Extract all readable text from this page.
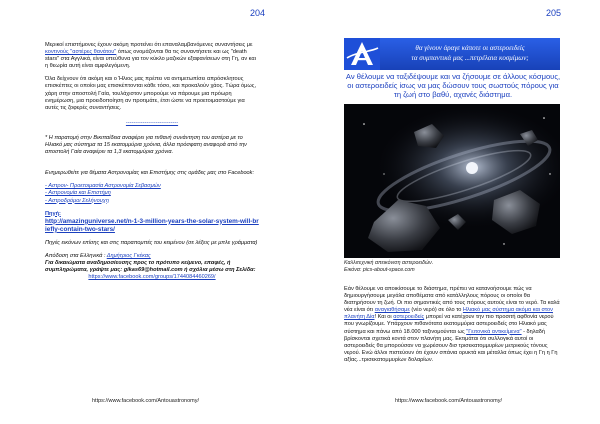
204

Μερικοί επιστήμονες έχουν ακόμη προτείνει ότι επαναλαμβανόμενες συναντήσεις με κοντινούς "αστέρες θανάτου" όπως ονομάζονται θα τις συναντήσετε και ως "death stars" στα Αγγλικά, είναι υπεύθυνα για τον κύκλο μαζικών εξαφανίσεων στη Γη, αν και η θεωρία αυτή είναι αμφιλεγόμενη.

Όλα δείχνουν ότι ακόμη και ο Ήλιος μας πρέπει να αντιμετωπίσει απρόσκλητους επισκέπτες οι οποίοι μας επισκέπτονται κάθε τόσο, και προκαλούν χάος. Τώρα όμως, χάρη στην αποστολή Γαία, τουλάχιστον μπορούμε να πάρουμε μια πρόωρη ενημέρωση, μια προειδοποίηση αν προτιμάτε, έτσι ώστε να προετοιμαστούμε για αυτές τις ζοφερές συναντήσεις.

----------------------------

* Η παρατομή στην Βικιπαίδεια αναφέρει για πιθανή συνάντηση του αστέρα με το Ηλιακό μας σύστημα τα 15 εκατομμύρια χρόνια, άλλα πρόσφατη αναφορά από την αποστολή Γαία αναφέρει τα 1,3 εκατομμύρια χρόνια.

Ενημερωθείτε για θέματα Αστρονομίας και Επιστήμης στις ομάδες μας στο Facebook:

- Αστρον- Προετοιμασία Αστρονομία Σεβασμών
- Αστρονομία και Επιστήμη
- Αστροδρόμοι Σελήνουχη
Πηγή:
http://amazinguniverse.net/n-1-3-million-years-the-solar-system-will-briefly-contain-two-stars/

Πηγές εικόνων επίσης και στις παραπομπές του κειμένου (σε λέξεις με μπλε γράμματα)

Απόδοση στα Ελληνικά : Δημήτριος Γκέκας
Για δικαιώματα αναδημοσίευσης προς το πρότυπο κείμενο, επαφές, ή συμπληρώματα, γράψτε μας: gikas69@hotmail.com ή σχόλια μέσω στη Σελίδα:
https://www.facebook.com/groups/1744084460269/
https://www.facebook.com/Antouastronomy/
205
θα γίνουν άραγε κάποτε οι αστεροειδείς
τα συμπαντικά μας ...πετρέλαια κοσμίμων;
Αν θέλουμε να ταξιδέψουμε και να ζήσουμε σε άλλους κόσμους, οι αστεροειδείς ίσως να μας δώσουν τους σωστούς πόρους για τη ζωή στο βαθύ, αχανές διάστημα.
Καλλιτεχνική απεικόνιση αστεροειδών.
Εικόνα: pics-about-space.com
Εάν θέλουμε να αποικίσουμε το διάστημα, πρέπει να κατανοήσουμε πώς να δημιουργήσουμε μεγάλα αποθέματα από κατάλληλους πόρους οι οποίοι θα διατηρήσουν τη ζωή. Οι πιο σημαντικές από τους πόρους αυτούς είναι το νερό. Τα καλά νέα είναι ότι αναγιαθήσαμε (νέο νερό) σε όλο το Ηλιακό μας σύστημα ακόμα και στον πλανήτη Δία! Και οι αστεροειδείς μπορεί να κατέχουν την πιο προσιτή αφθονία νερού που γνωρίζουμε. Υπάρχουν πιθανότατα εκατομμύρια αστεροειδείς στο Ηλιακό μας σύστημα και πάνω από 18.000 ταξινομούνται ως "Γειτονικά αντικείμενα" - δηλαδή βρίσκονται σχετικά κοντά στον πλανήτη μας. Εκτιμάται ότι συλλογικά αυτοί οι αστεροειδείς θα μπορούσαν να χωρέσουν δισ τρισεκατομμυρίων μετρικούς τόνους νερού. Ενώ άλλοι πιστεύουν ότι έχουν σπάνια ορυκτά και μέταλλα όπως έχει η Γη η Γη αξίας...τρισεκατομμυρίων δολαρίων.
https://www.facebook.com/Antouastronomy/
